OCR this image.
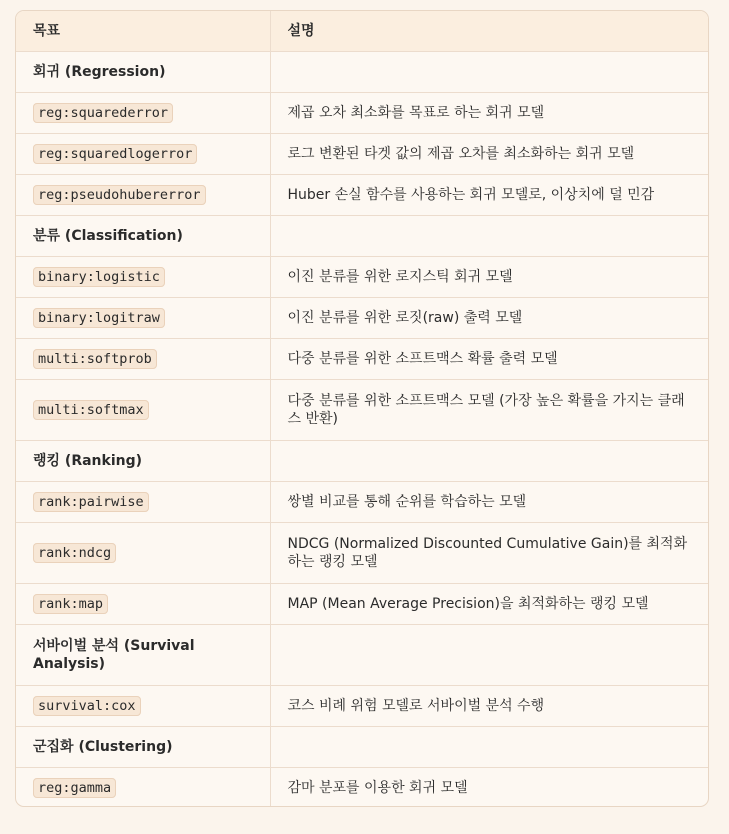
목표	설명
회귀 (Regression)	
reg:squarederror	제곱 오차 최소화를 목표로 하는 회귀 모델
reg:squaredlogerror	로그 변환된 타겟 값의 제곱 오차를 최소화하는 회귀 모델
reg:pseudohubererror	Huber 손실 함수를 사용하는 회귀 모델로, 이상치에 덜 민감
분류 (Classification)	
binary:logistic	이진 분류를 위한 로지스틱 회귀 모델
binary:logitraw	이진 분류를 위한 로짓(raw) 출력 모델
multi:softprob	다중 분류를 위한 소프트맥스 확률 출력 모델
multi:softmax	다중 분류를 위한 소프트맥스 모델 (가장 높은 확률을 가지는 클래스 반환)
랭킹 (Ranking)	
rank:pairwise	쌍별 비교를 통해 순위를 학습하는 모델
rank:ndcg	NDCG (Normalized Discounted Cumulative Gain)를 최적화하는 랭킹 모델
rank:map	MAP (Mean Average Precision)을 최적화하는 랭킹 모델
서바이벌 분석 (Survival Analysis)	
survival:cox	코스 비례 위험 모델로 서바이벌 분석 수행
군집화 (Clustering)	
reg:gamma	감마 분포를 이용한 회귀 모델
